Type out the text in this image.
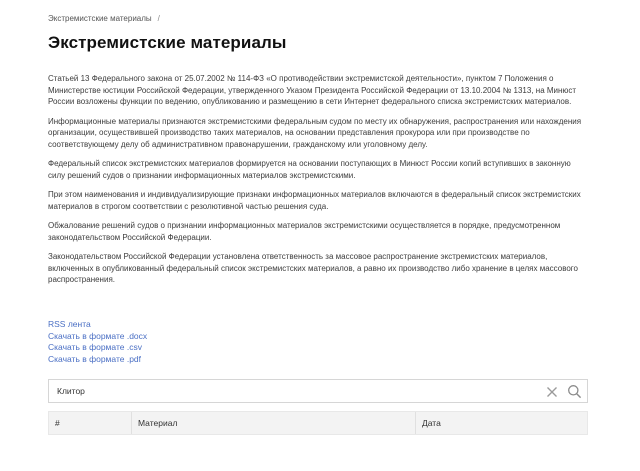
Экстремистские материалы /
Экстремистские материалы

Статьей 13 Федерального закона от 25.07.2002 № 114-ФЗ «О противодействии экстремистской деятельности», пунктом 7 Положения о Министерстве юстиции Российской Федерации, утвержденного Указом Президента Российской Федерации от 13.10.2004 № 1313, на Минюст России возложены функции по ведению, опубликованию и размещению в сети Интернет федерального списка экстремистских материалов.

Информационные материалы признаются экстремистскими федеральным судом по месту их обнаружения, распространения или нахождения организации, осуществившей производство таких материалов, на основании представления прокурора или при производстве по соответствующему делу об административном правонарушении, гражданскому или уголовному делу.

Федеральный список экстремистских материалов формируется на основании поступающих в Минюст России копий вступивших в законную силу решений судов о признании информационных материалов экстремистскими.

При этом наименования и индивидуализирующие признаки информационных материалов включаются в федеральный список экстремистских материалов в строгом соответствии с резолютивной частью решения суда.

Обжалование решений судов о признании информационных материалов экстремистскими осуществляется в порядке, предусмотренном законодательством Российской Федерации.

Законодательством Российской Федерации установлена ответственность за массовое распространение экстремистских материалов, включенных в опубликованный федеральный список экстремистских материалов, а равно их производство либо хранение в целях массового распространения.

RSS лента
Скачать в формате .docx
Скачать в формате .csv
Скачать в формате .pdf
Клитор
#	Материал	Дата
